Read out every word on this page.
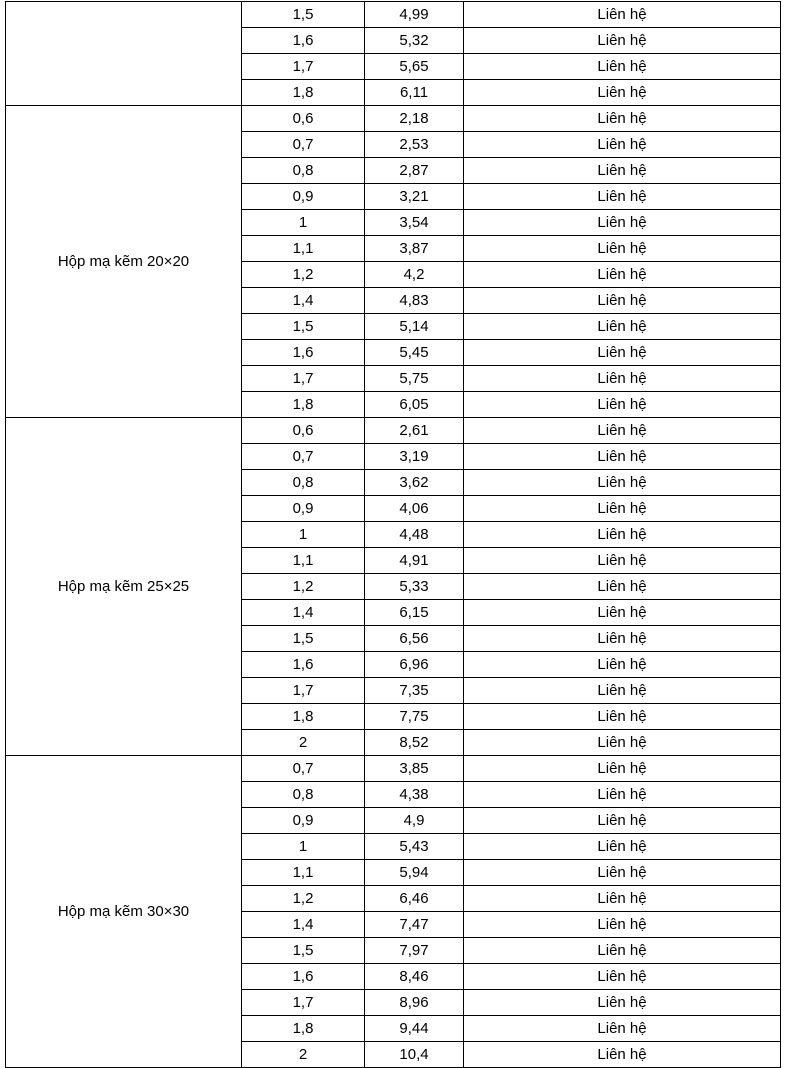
	1,5	4,99	Liên hệ
	1,6	5,32	Liên hệ
	1,7	5,65	Liên hệ
	1,8	6,11	Liên hệ
Hộp mạ kẽm 20×20	0,6	2,18	Liên hệ
	0,7	2,53	Liên hệ
	0,8	2,87	Liên hệ
	0,9	3,21	Liên hệ
	1	3,54	Liên hệ
	1,1	3,87	Liên hệ
	1,2	4,2	Liên hệ
	1,4	4,83	Liên hệ
	1,5	5,14	Liên hệ
	1,6	5,45	Liên hệ
	1,7	5,75	Liên hệ
	1,8	6,05	Liên hệ
Hộp mạ kẽm 25×25	0,6	2,61	Liên hệ
	0,7	3,19	Liên hệ
	0,8	3,62	Liên hệ
	0,9	4,06	Liên hệ
	1	4,48	Liên hệ
	1,1	4,91	Liên hệ
	1,2	5,33	Liên hệ
	1,4	6,15	Liên hệ
	1,5	6,56	Liên hệ
	1,6	6,96	Liên hệ
	1,7	7,35	Liên hệ
	1,8	7,75	Liên hệ
	2	8,52	Liên hệ
Hộp mạ kẽm 30×30	0,7	3,85	Liên hệ
	0,8	4,38	Liên hệ
	0,9	4,9	Liên hệ
	1	5,43	Liên hệ
	1,1	5,94	Liên hệ
	1,2	6,46	Liên hệ
	1,4	7,47	Liên hệ
	1,5	7,97	Liên hệ
	1,6	8,46	Liên hệ
	1,7	8,96	Liên hệ
	1,8	9,44	Liên hệ
	2	10,4	Liên hệ
